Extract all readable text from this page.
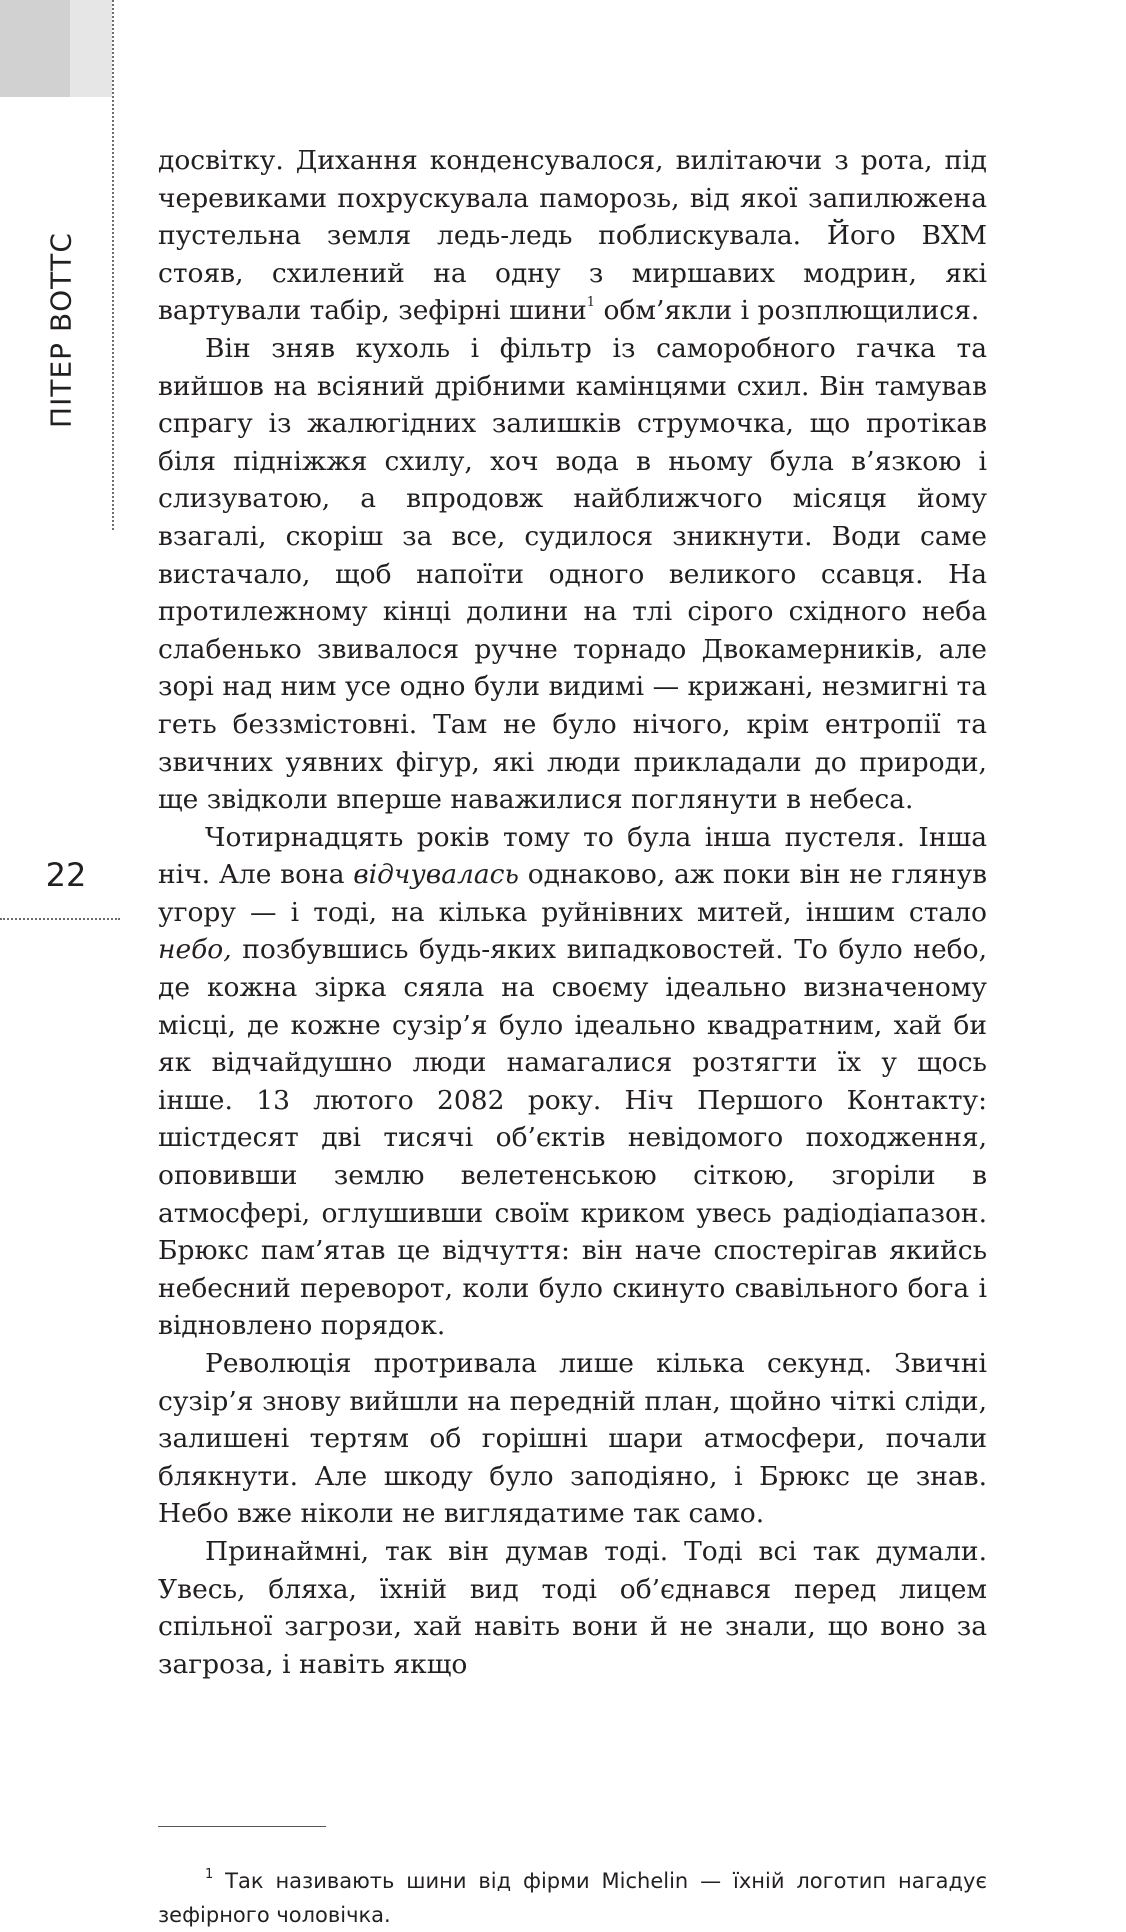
ПІТЕР ВОТТС
22

досвітку. Дихання конденсувалося, вилітаючи з рота, під черевиками похрускувала паморозь, від якої запилюжена пустельна земля ледь-ледь поблискувала. Його ВХМ стояв, схилений на одну з миршавих модрин, які вартували табір, зефірні шини$^1$ обм’якли і розплющилися.

Він зняв кухоль і фільтр із саморобного гачка та вийшов на всіяний дрібними камінцями схил. Він тамував спрагу із жалюгідних залишків струмочка, що протікав біля підніжжя схилу, хоч вода в ньому була в’язкою і слизуватою, а впродовж найближчого місяця йому взагалі, скоріш за все, судилося зникнути. Води саме вистачало, щоб напоїти одного великого ссавця. На протилежному кінці долини на тлі сірого східного неба слабенько звивалося ручне торнадо Двокамерників, але зорі над ним усе одно були видимі — крижані, незмигні та геть беззмістовні. Там не було нічого, крім ентропії та звичних уявних фігур, які люди прикладали до природи, ще звідколи вперше наважилися поглянути в небеса.

Чотирнадцять років тому то була інша пустеля. Інша ніч. Але вона відчувалась однаково, аж поки він не глянув угору — і тоді, на кілька руйнівних митей, іншим стало небо, позбувшись будь-яких випадковостей. То було небо, де кожна зірка сяяла на своєму ідеально визначеному місці, де кожне сузір’я було ідеально квадратним, хай би як відчайдушно люди намагалися розтягти їх у щось інше. 13 лютого 2082 року. Ніч Першого Контакту: шістдесят дві тисячі об’єктів невідомого походження, оповивши землю велетенською сіткою, згоріли в атмосфері, оглушивши своїм криком увесь радіодіапазон. Брюкс пам’ятав це відчуття: він наче спостерігав якийсь небесний переворот, коли було скинуто свавільного бога і відновлено порядок.

Революція протривала лише кілька секунд. Звичні сузір’я знову вийшли на передній план, щойно чіткі сліди, залишені тертям об горішні шари атмосфери, почали блякнути. Але шкоду було заподіяно, і Брюкс це знав. Небо вже ніколи не виглядатиме так само.

Принаймні, так він думав тоді. Тоді всі так думали. Увесь, бляха, їхній вид тоді об’єднався перед лицем спільної загрози, хай навіть вони й не знали, що воно за загроза, і навіть якщо

$^1$ Так називають шини від фірми Michelin — їхній логотип нагадує зефірного чоловічка.
